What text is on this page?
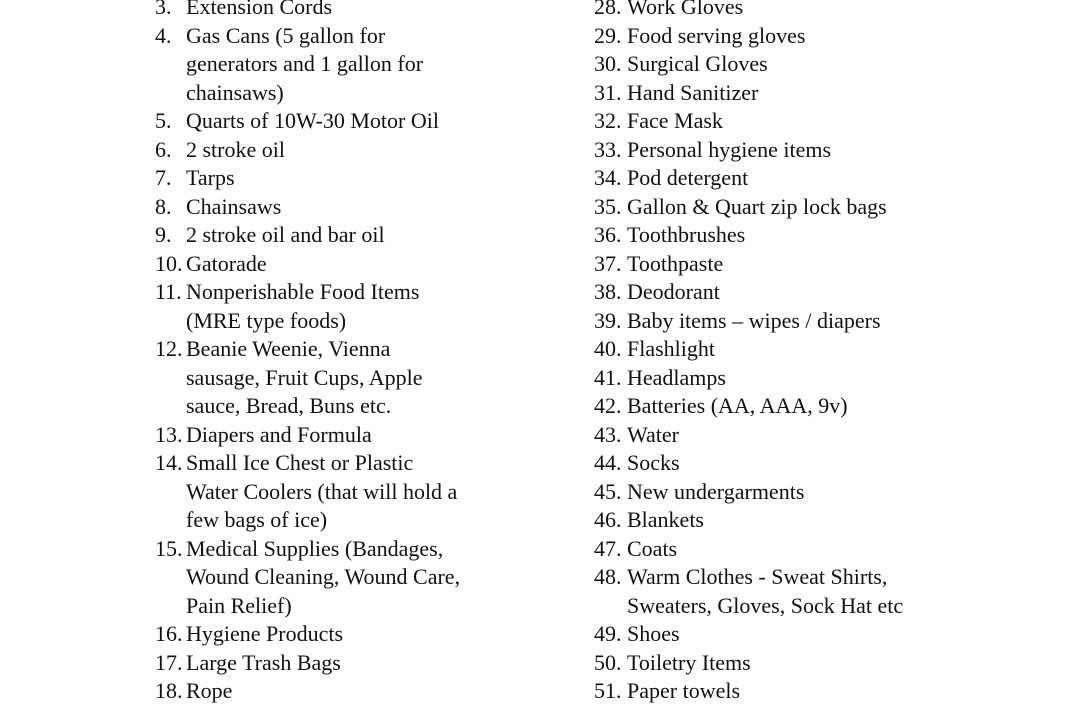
3. Extension Cords
4. Gas Cans (5 gallon for
generators and 1 gallon for
chainsaws)
5. Quarts of 10W-30 Motor Oil
6. 2 stroke oil
7. Tarps
8. Chainsaws
9. 2 stroke oil and bar oil
10. Gatorade
11. Nonperishable Food Items
(MRE type foods)
12. Beanie Weenie, Vienna
sausage, Fruit Cups, Apple
sauce, Bread, Buns etc.
13. Diapers and Formula
14. Small Ice Chest or Plastic
Water Coolers (that will hold a
few bags of ice)
15. Medical Supplies (Bandages,
Wound Cleaning, Wound Care,
Pain Relief)
16. Hygiene Products
17. Large Trash Bags
18. Rope
28. Work Gloves
29. Food serving gloves
30. Surgical Gloves
31. Hand Sanitizer
32. Face Mask
33. Personal hygiene items
34. Pod detergent
35. Gallon & Quart zip lock bags
36. Toothbrushes
37. Toothpaste
38. Deodorant
39. Baby items – wipes / diapers
40. Flashlight
41. Headlamps
42. Batteries (AA, AAA, 9v)
43. Water
44. Socks
45. New undergarments
46. Blankets
47. Coats
48. Warm Clothes - Sweat Shirts,
Sweaters, Gloves, Sock Hat etc
49. Shoes
50. Toiletry Items
51. Paper towels
